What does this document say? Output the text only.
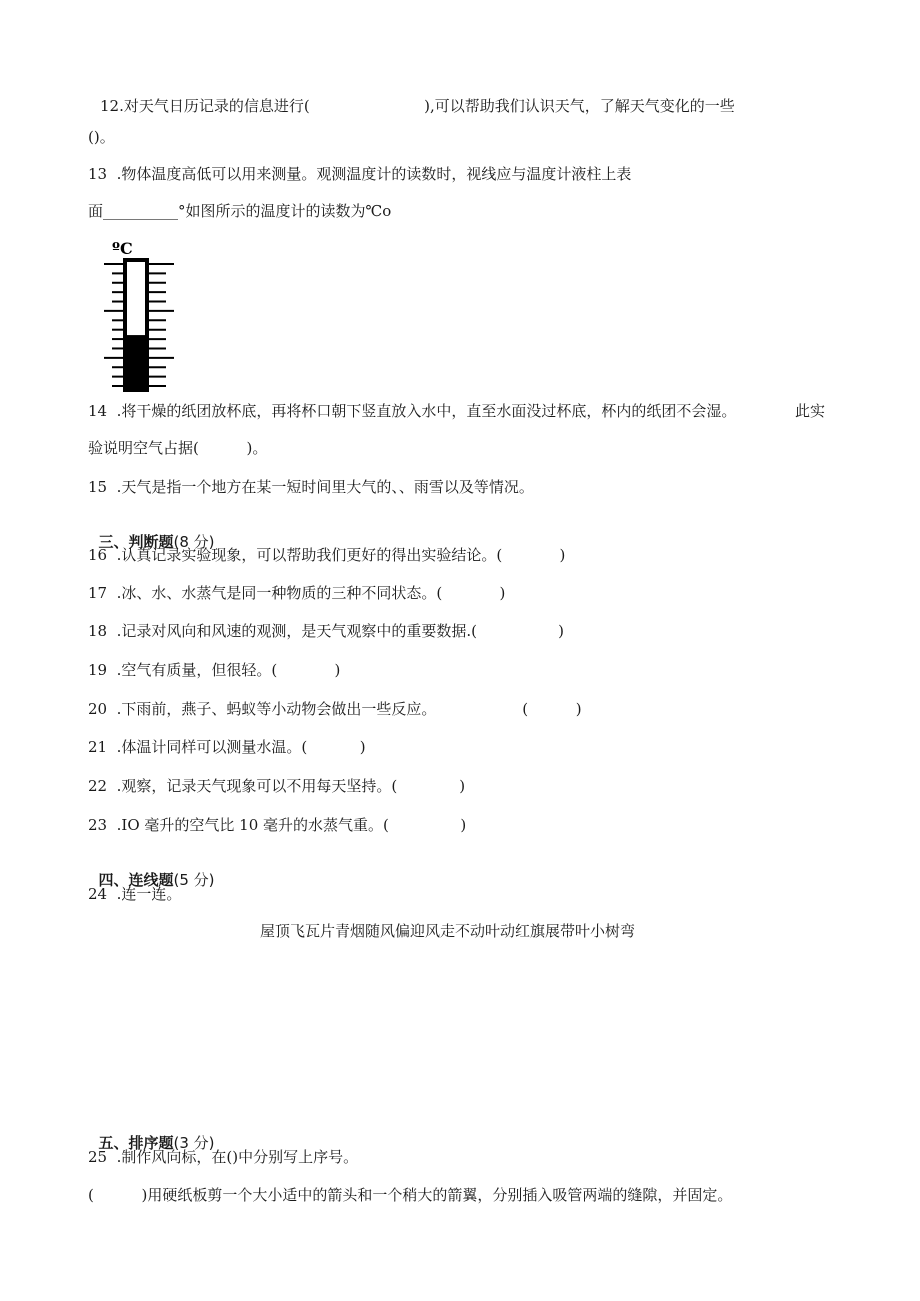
12.对天气日历记录的信息进行(                        ),可以帮助我们认识天气，了解天气变化的一些
()。
13  .物体温度高低可以用来测量。观测温度计的读数时，视线应与温度计液柱上表
面__________°如图所示的温度计的读数为℃o
ºC
14  .将干燥的纸团放杯底，再将杯口朝下竖直放入水中，直至水面没过杯底，杯内的纸团不会湿。	此实
验说明空气占据(          )。
15  .天气是指一个地方在某一短时间里大气的、、雨雪以及等情况。

三、判断题(8 分)

16  .认真记录实验现象，可以帮助我们更好的得出实验结论。(            )
17  .冰、水、水蒸气是同一种物质的三种不同状态。(            )
18  .记录对风向和风速的观测，是天气观察中的重要数据.(                 )
19  .空气有质量，但很轻。(            )
20  .下雨前，燕子、蚂蚁等小动物会做出一些反应。                  (          )
21  .体温计同样可以测量水温。(           )
22  .观察，记录天气现象可以不用每天坚持。(             )
23  .IO 毫升的空气比 10 毫升的水蒸气重。(               )

四、连线题(5 分)

24  .连一连。
屋顶飞瓦片青烟随风偏迎风走不动叶动红旗展带叶小树弯

五、排序题(3 分)

25  .制作风向标，在()中分别写上序号。
(          )用硬纸板剪一个大小适中的箭头和一个稍大的箭翼，分别插入吸管两端的缝隙，并固定。
